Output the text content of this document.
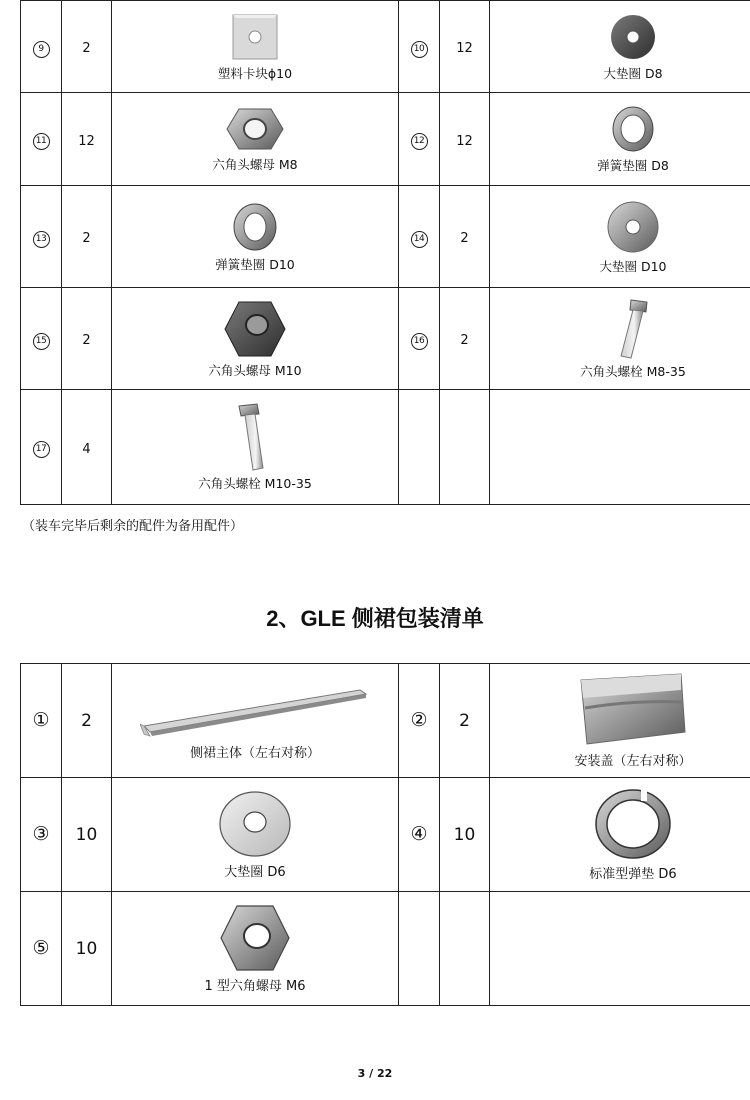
9	2	塑料卡块ϕ10	10	12	大垫圈 D8

11	12	六角头螺母 M8	12	12	弹簧垫圈 D8

13	2	弹簧垫圈 D10	14	2	大垫圈 D10

15	2	六角头螺母 M10	16	2	六角头螺栓 M8-35

17	4	六角头螺栓 M10-35			

（装车完毕后剩余的配件为备用配件）
2、GLE 侧裙包装清单
①	2	侧裙主体（左右对称）	②	2	安装盖（左右对称）

③	10	大垫圈 D6	④	10	标准型弹垫 D6

⑤	10	1 型六角螺母 M6			

3 / 22
